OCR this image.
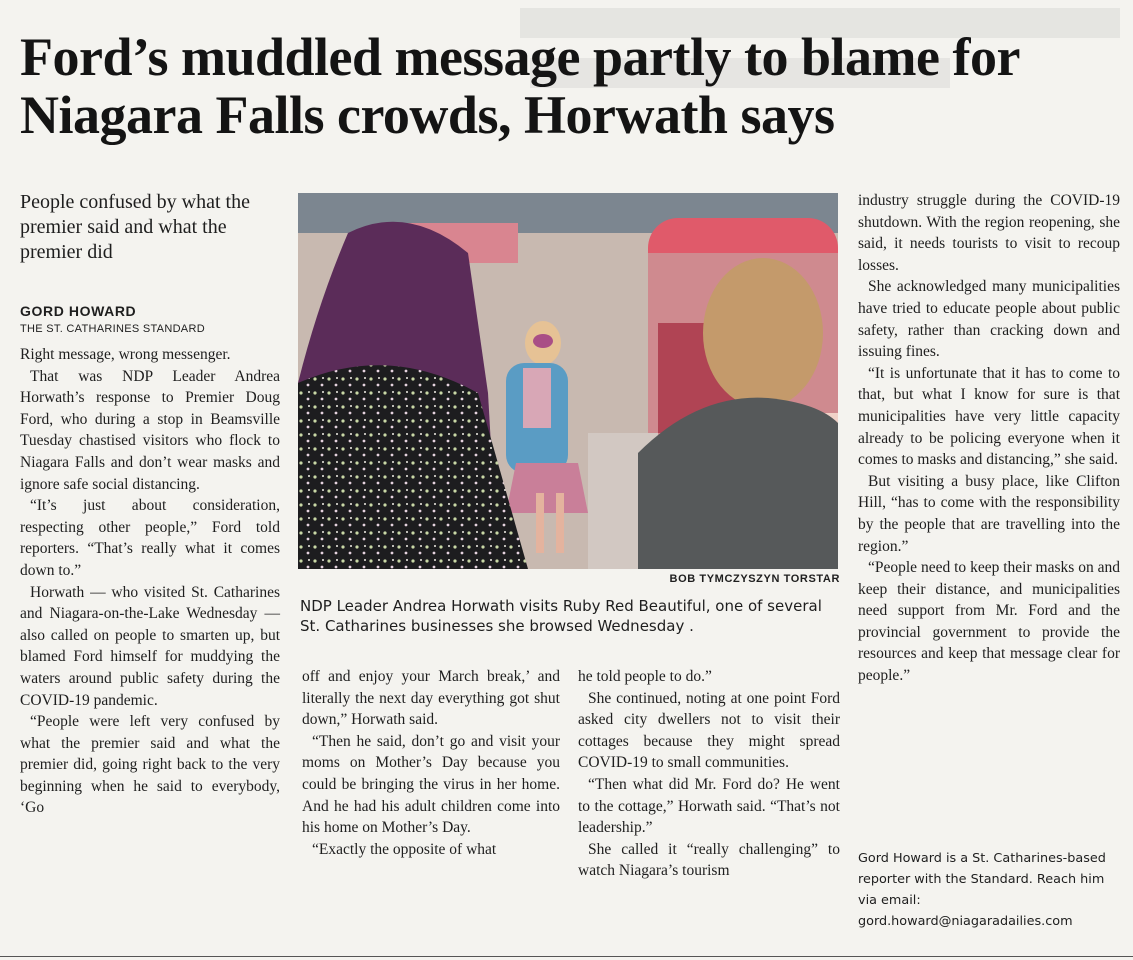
Ford’s muddled message partly to blame for Niagara Falls crowds, Horwath says

People confused by what the premier said and what the premier did

GORD HOWARD
THE ST. CATHARINES STANDARD

Right message, wrong messenger.

That was NDP Leader Andrea Horwath’s response to Premier Doug Ford, who during a stop in Beamsville Tuesday chastised visitors who flock to Niagara Falls and don’t wear masks and ignore safe social distancing.

“It’s just about consideration, respecting other people,” Ford told reporters. “That’s really what it comes down to.”

Horwath — who visited St. Catharines and Niagara-on-the-Lake Wednesday — also called on people to smarten up, but blamed Ford himself for muddying the waters around public safety during the COVID-19 pandemic.

“People were left very confused by what the premier said and what the premier did, going right back to the very beginning when he said to everybody, ‘Go

BOB TYMCZYSZYN TORSTAR
NDP Leader Andrea Horwath visits Ruby Red Beautiful, one of several St. Catharines businesses she browsed Wednesday .

off and enjoy your March break,’ and literally the next day everything got shut down,” Horwath said.

“Then he said, don’t go and visit your moms on Mother’s Day because you could be bringing the virus in her home. And he had his adult children come into his home on Mother’s Day.

“Exactly the opposite of what

he told people to do.”

She continued, noting at one point Ford asked city dwellers not to visit their cottages because they might spread COVID-19 to small communities.

“Then what did Mr. Ford do? He went to the cottage,” Horwath said. “That’s not leadership.”

She called it “really challenging” to watch Niagara’s tourism

industry struggle during the COVID-19 shutdown. With the region reopening, she said, it needs tourists to visit to recoup losses.

She acknowledged many municipalities have tried to educate people about public safety, rather than cracking down and issuing fines.

“It is unfortunate that it has to come to that, but what I know for sure is that municipalities have very little capacity already to be policing everyone when it comes to masks and distancing,” she said.

But visiting a busy place, like Clifton Hill, “has to come with the responsibility by the people that are travelling into the region.”

“People need to keep their masks on and keep their distance, and municipalities need support from Mr. Ford and the provincial government to provide the resources and keep that message clear for people.”

Gord Howard is a St. Catharines-based reporter with the Standard. Reach him via email: gord.howard@niagaradailies.com
